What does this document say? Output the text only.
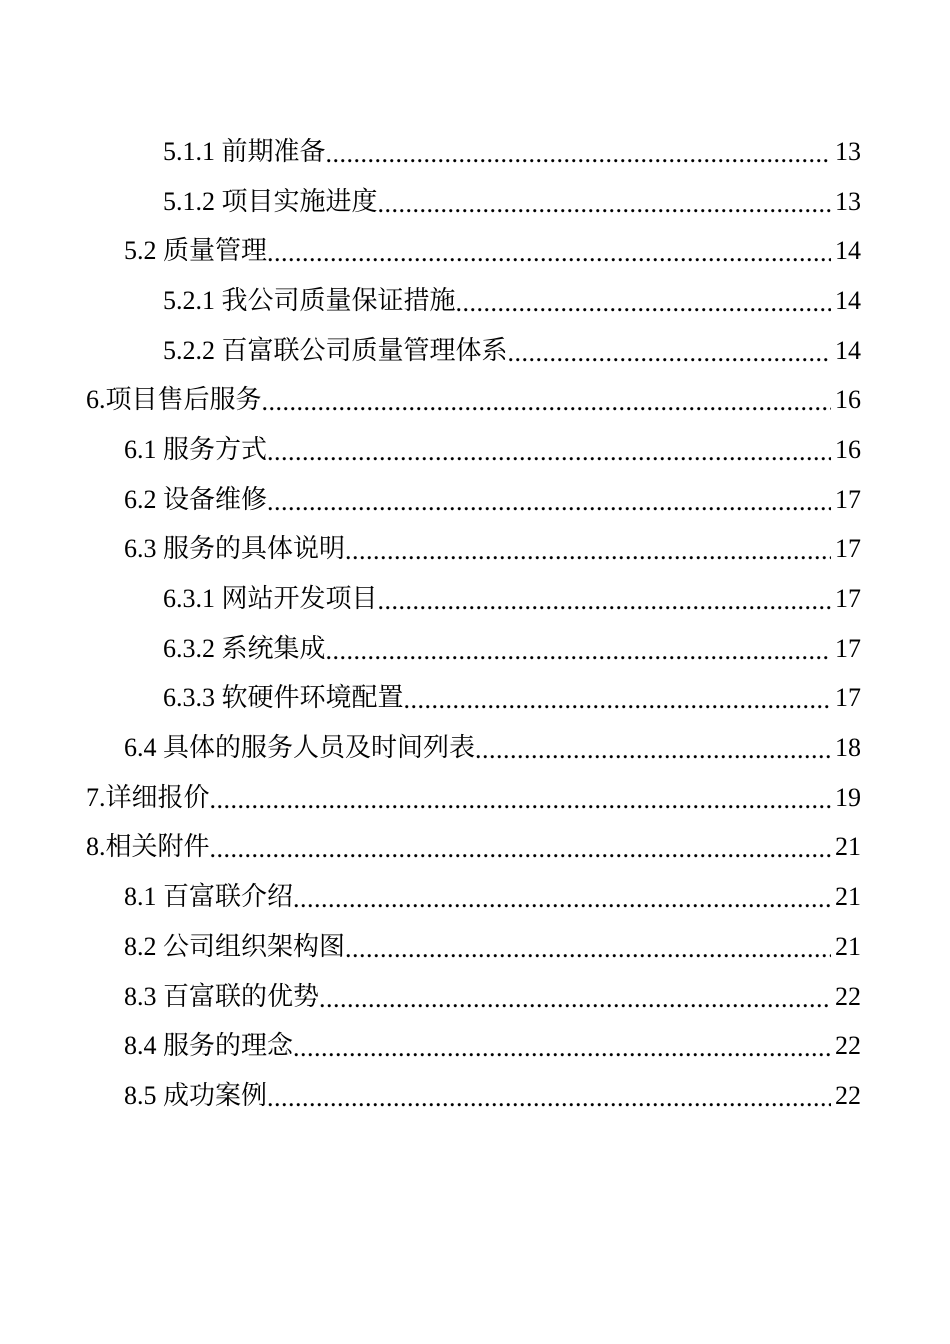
5.1.1 前期准备 .....	13
5.1.2 项目实施进度 .....	13
5.2 质量管理 .....	14
5.2.1 我公司质量保证措施 .....	14
5.2.2 百富联公司质量管理体系 .....	14
6.项目售后服务 .....	16
6.1 服务方式 .....	16
6.2 设备维修 .....	17
6.3 服务的具体说明 .....	17
6.3.1 网站开发项目 .....	17
6.3.2 系统集成 .....	17
6.3.3 软硬件环境配置 .....	17
6.4 具体的服务人员及时间列表 .....	18
7.详细报价 .....	19
8.相关附件 .....	21
8.1 百富联介绍 .....	21
8.2 公司组织架构图 .....	21
8.3 百富联的优势 .....	22
8.4 服务的理念 .....	22
8.5 成功案例 .....	22
